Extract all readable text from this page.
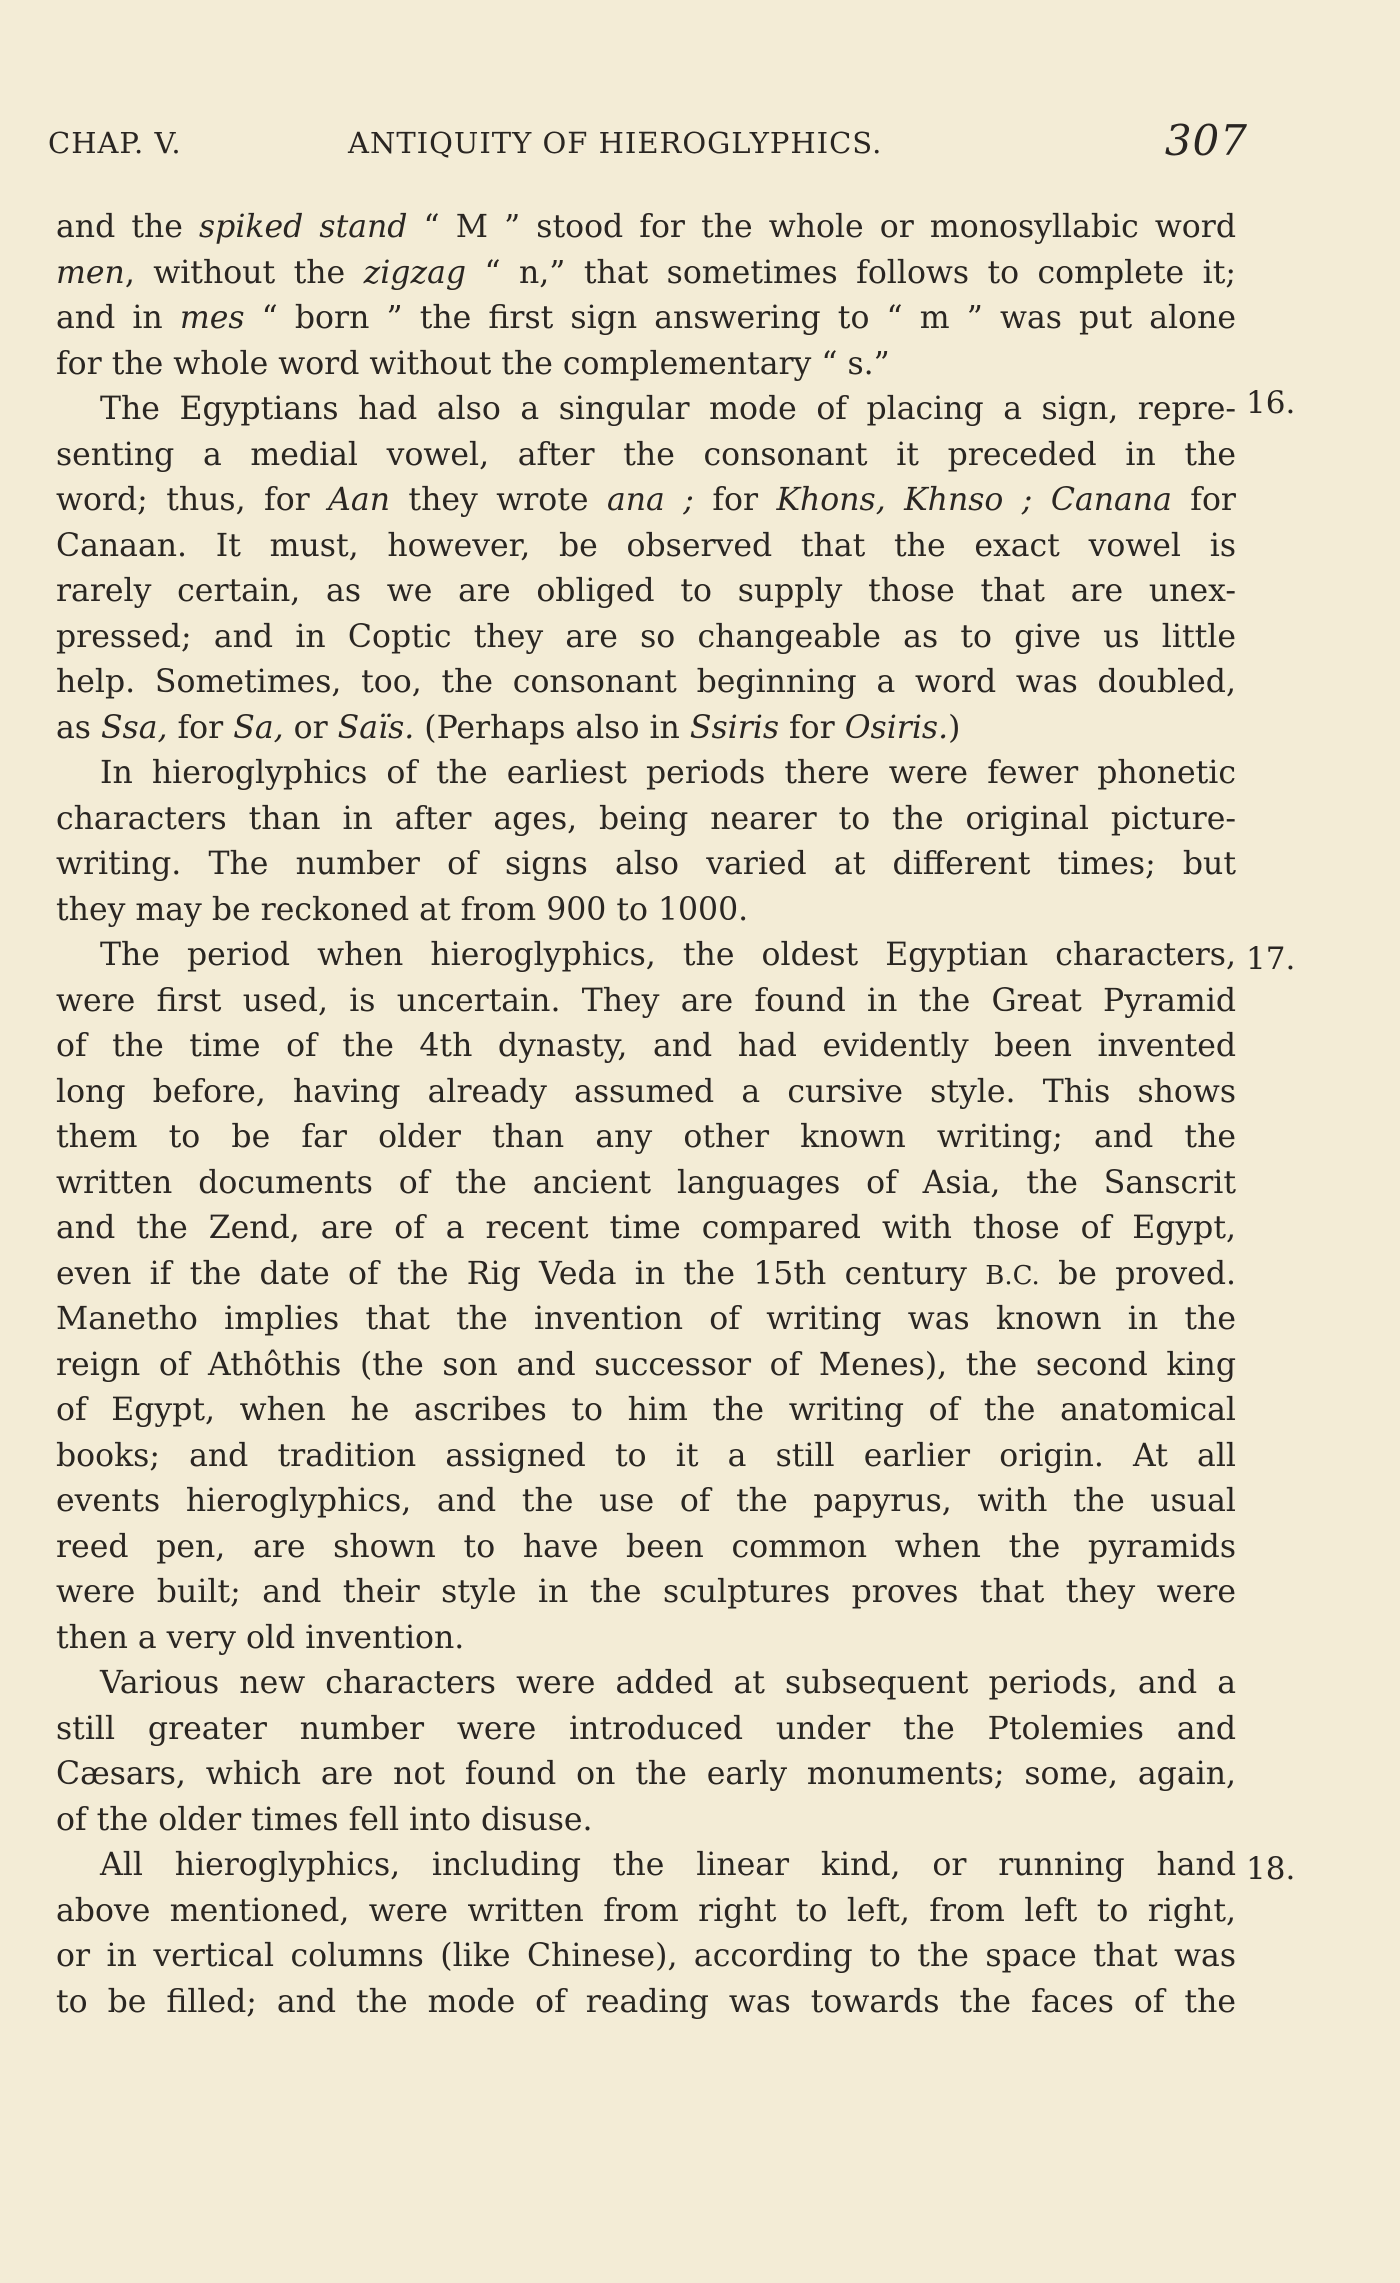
CHAP. V.	ANTIQUITY OF HIEROGLYPHICS.	307
and the spiked stand “ M ” stood for the whole or monosyllabic word
men, without the zigzag “ n,” that sometimes follows to complete it;
and in mes “ born ” the first sign answering to “ m ” was put alone
for the whole word without the complementary “ s.”
The Egyptians had also a singular mode of placing a sign, repre- 16.
senting a medial vowel, after the consonant it preceded in the
word; thus, for Aan they wrote ana ; for Khons, Khnso ; Canana for
Canaan. It must, however, be observed that the exact vowel is
rarely certain, as we are obliged to supply those that are unex-
pressed; and in Coptic they are so changeable as to give us little
help. Sometimes, too, the consonant beginning a word was doubled,
as Ssa, for Sa, or Saïs. (Perhaps also in Ssiris for Osiris.)
In hieroglyphics of the earliest periods there were fewer phonetic
characters than in after ages, being nearer to the original picture-
writing. The number of signs also varied at different times; but
they may be reckoned at from 900 to 1000.
The period when hieroglyphics, the oldest Egyptian characters, 17.
were first used, is uncertain. They are found in the Great Pyramid
of the time of the 4th dynasty, and had evidently been invented
long before, having already assumed a cursive style. This shows
them to be far older than any other known writing; and the
written documents of the ancient languages of Asia, the Sanscrit
and the Zend, are of a recent time compared with those of Egypt,
even if the date of the Rig Veda in the 15th century B.C. be proved.
Manetho implies that the invention of writing was known in the
reign of Athôthis (the son and successor of Menes), the second king
of Egypt, when he ascribes to him the writing of the anatomical
books; and tradition assigned to it a still earlier origin. At all
events hieroglyphics, and the use of the papyrus, with the usual
reed pen, are shown to have been common when the pyramids
were built; and their style in the sculptures proves that they were
then a very old invention.
Various new characters were added at subsequent periods, and a
still greater number were introduced under the Ptolemies and
Cæsars, which are not found on the early monuments; some, again,
of the older times fell into disuse.
All hieroglyphics, including the linear kind, or running hand 18.
above mentioned, were written from right to left, from left to right,
or in vertical columns (like Chinese), according to the space that was
to be filled; and the mode of reading was towards the faces of the
